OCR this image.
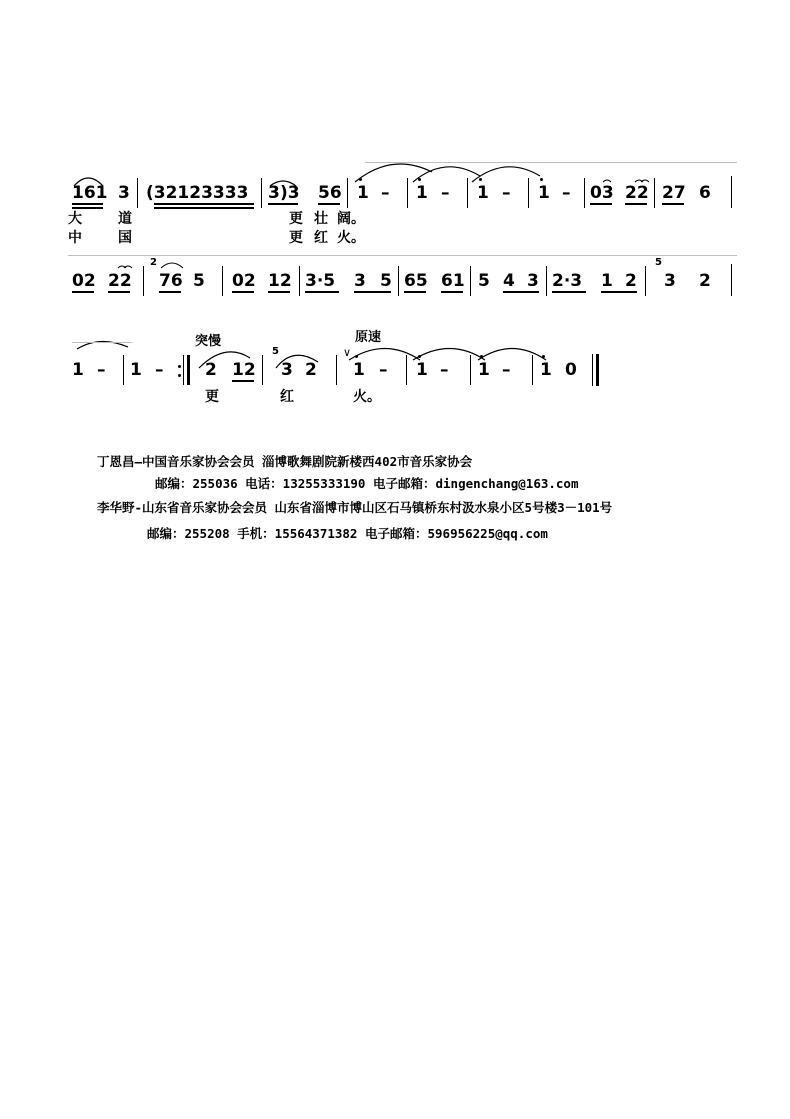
161 3 (32123333 3 )3 56 1 – 1 – 1 – 1 – 03 22 27 6
大	道	更 壮 阔。
中	国	更 红 火。
02 22
2
76 5 02 12 3·5 3 5 65 61 5 4 3 2·3 1 2
5
3 2
1 – 1 –
突慢
2 12
5
3 2
∨
原速
1 – 1 – 1 – 1 0
更	红	火。
丁恩昌—中国音乐家协会会员 淄博歌舞剧院新楼西402市音乐家协会
邮编：255036 电话：13255333190 电子邮箱：dingenchang@163.com
李华野-山东省音乐家协会会员 山东省淄博市博山区石马镇桥东村汲水泉小区5号楼3－101号
邮编：255208 手机：15564371382 电子邮箱：596956225@qq.com
